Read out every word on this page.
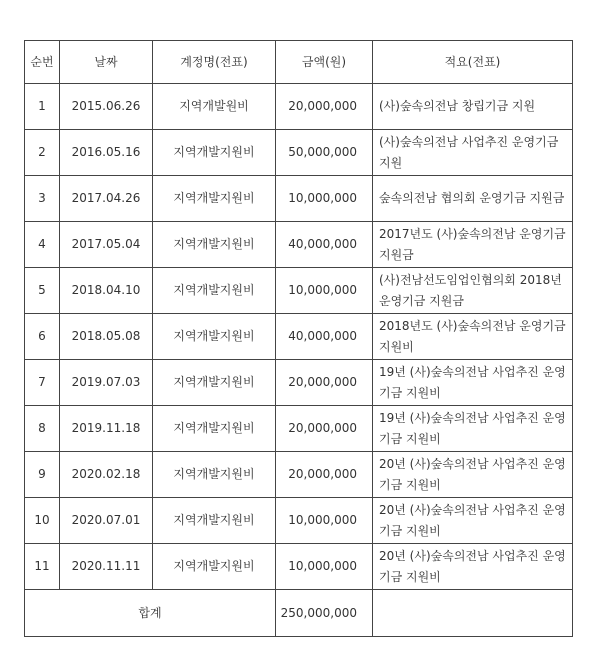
순번	날짜	계정명(전표)	금액(원)	적요(전표)
1	2015.06.26	지역개발원비	20,000,000	(사)숲속의전남 창립기금 지원
2	2016.05.16	지역개발지원비	50,000,000	(사)숲속의전남 사업추진 운영기금 지원
3	2017.04.26	지역개발지원비	10,000,000	숲속의전남 협의회 운영기금 지원금
4	2017.05.04	지역개발지원비	40,000,000	2017년도 (사)숲속의전남 운영기금 지원금
5	2018.04.10	지역개발지원비	10,000,000	(사)전남선도임업인협의회 2018년 운영기금 지원금
6	2018.05.08	지역개발지원비	40,000,000	2018년도 (사)숲속의전남 운영기금 지원비
7	2019.07.03	지역개발지원비	20,000,000	19년 (사)숲속의전남 사업추진 운영기금 지원비
8	2019.11.18	지역개발지원비	20,000,000	19년 (사)숲속의전남 사업추진 운영기금 지원비
9	2020.02.18	지역개발지원비	20,000,000	20년 (사)숲속의전남 사업추진 운영기금 지원비
10	2020.07.01	지역개발지원비	10,000,000	20년 (사)숲속의전남 사업추진 운영기금 지원비
11	2020.11.11	지역개발지원비	10,000,000	20년 (사)숲속의전남 사업추진 운영기금 지원비
합계			250,000,000	
